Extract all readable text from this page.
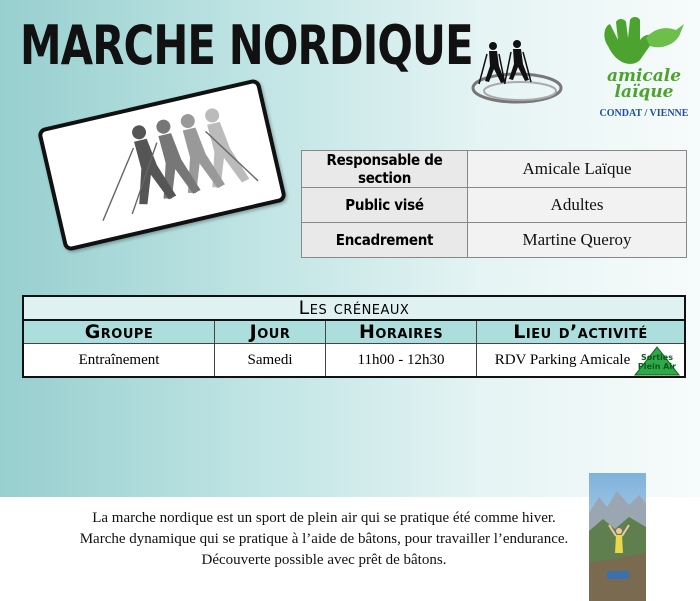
MARCHE NORDIQUE	amicale
laïque
CONDAT / VIENNE
Responsable de section	Amicale Laïque
Public visé	Adultes
Encadrement	Martine Queroy
Les créneaux			
Groupe	Jour	Horaires	Lieu d’activité
Entraînement	Samedi	11h00 - 12h30	RDV Parking Amicale Sorties
Plein Air
La marche nordique est un sport de plein air qui se pratique été comme hiver.
Marche dynamique qui se pratique à l’aide de bâtons, pour travailler l’endurance.
Découverte possible avec prêt de bâtons.
